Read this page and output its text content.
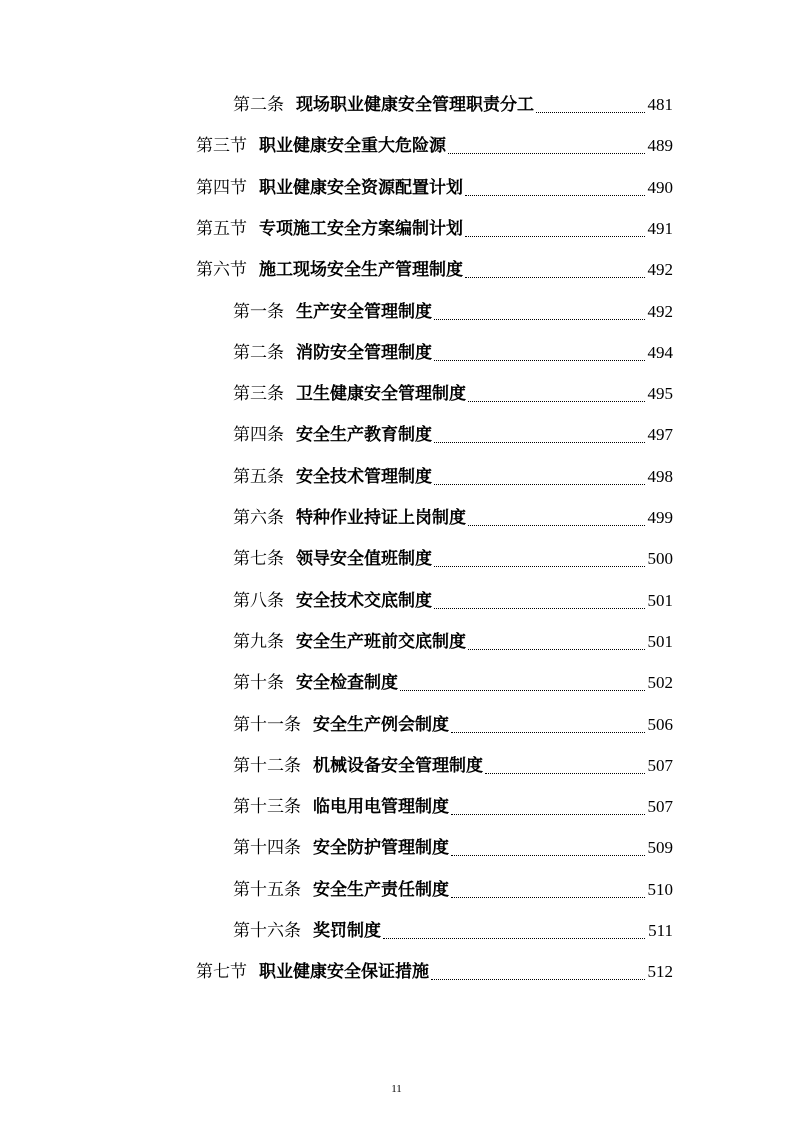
第二条 现场职业健康安全管理职责分工	481
第三节 职业健康安全重大危险源	489
第四节 职业健康安全资源配置计划	490
第五节 专项施工安全方案编制计划	491
第六节 施工现场安全生产管理制度	492
第一条 生产安全管理制度	492
第二条 消防安全管理制度	494
第三条 卫生健康安全管理制度	495
第四条 安全生产教育制度	497
第五条 安全技术管理制度	498
第六条 特种作业持证上岗制度	499
第七条 领导安全值班制度	500
第八条 安全技术交底制度	501
第九条 安全生产班前交底制度	501
第十条 安全检查制度	502
第十一条 安全生产例会制度	506
第十二条 机械设备安全管理制度	507
第十三条 临电用电管理制度	507
第十四条 安全防护管理制度	509
第十五条 安全生产责任制度	510
第十六条 奖罚制度	511
第七节 职业健康安全保证措施	512
11
